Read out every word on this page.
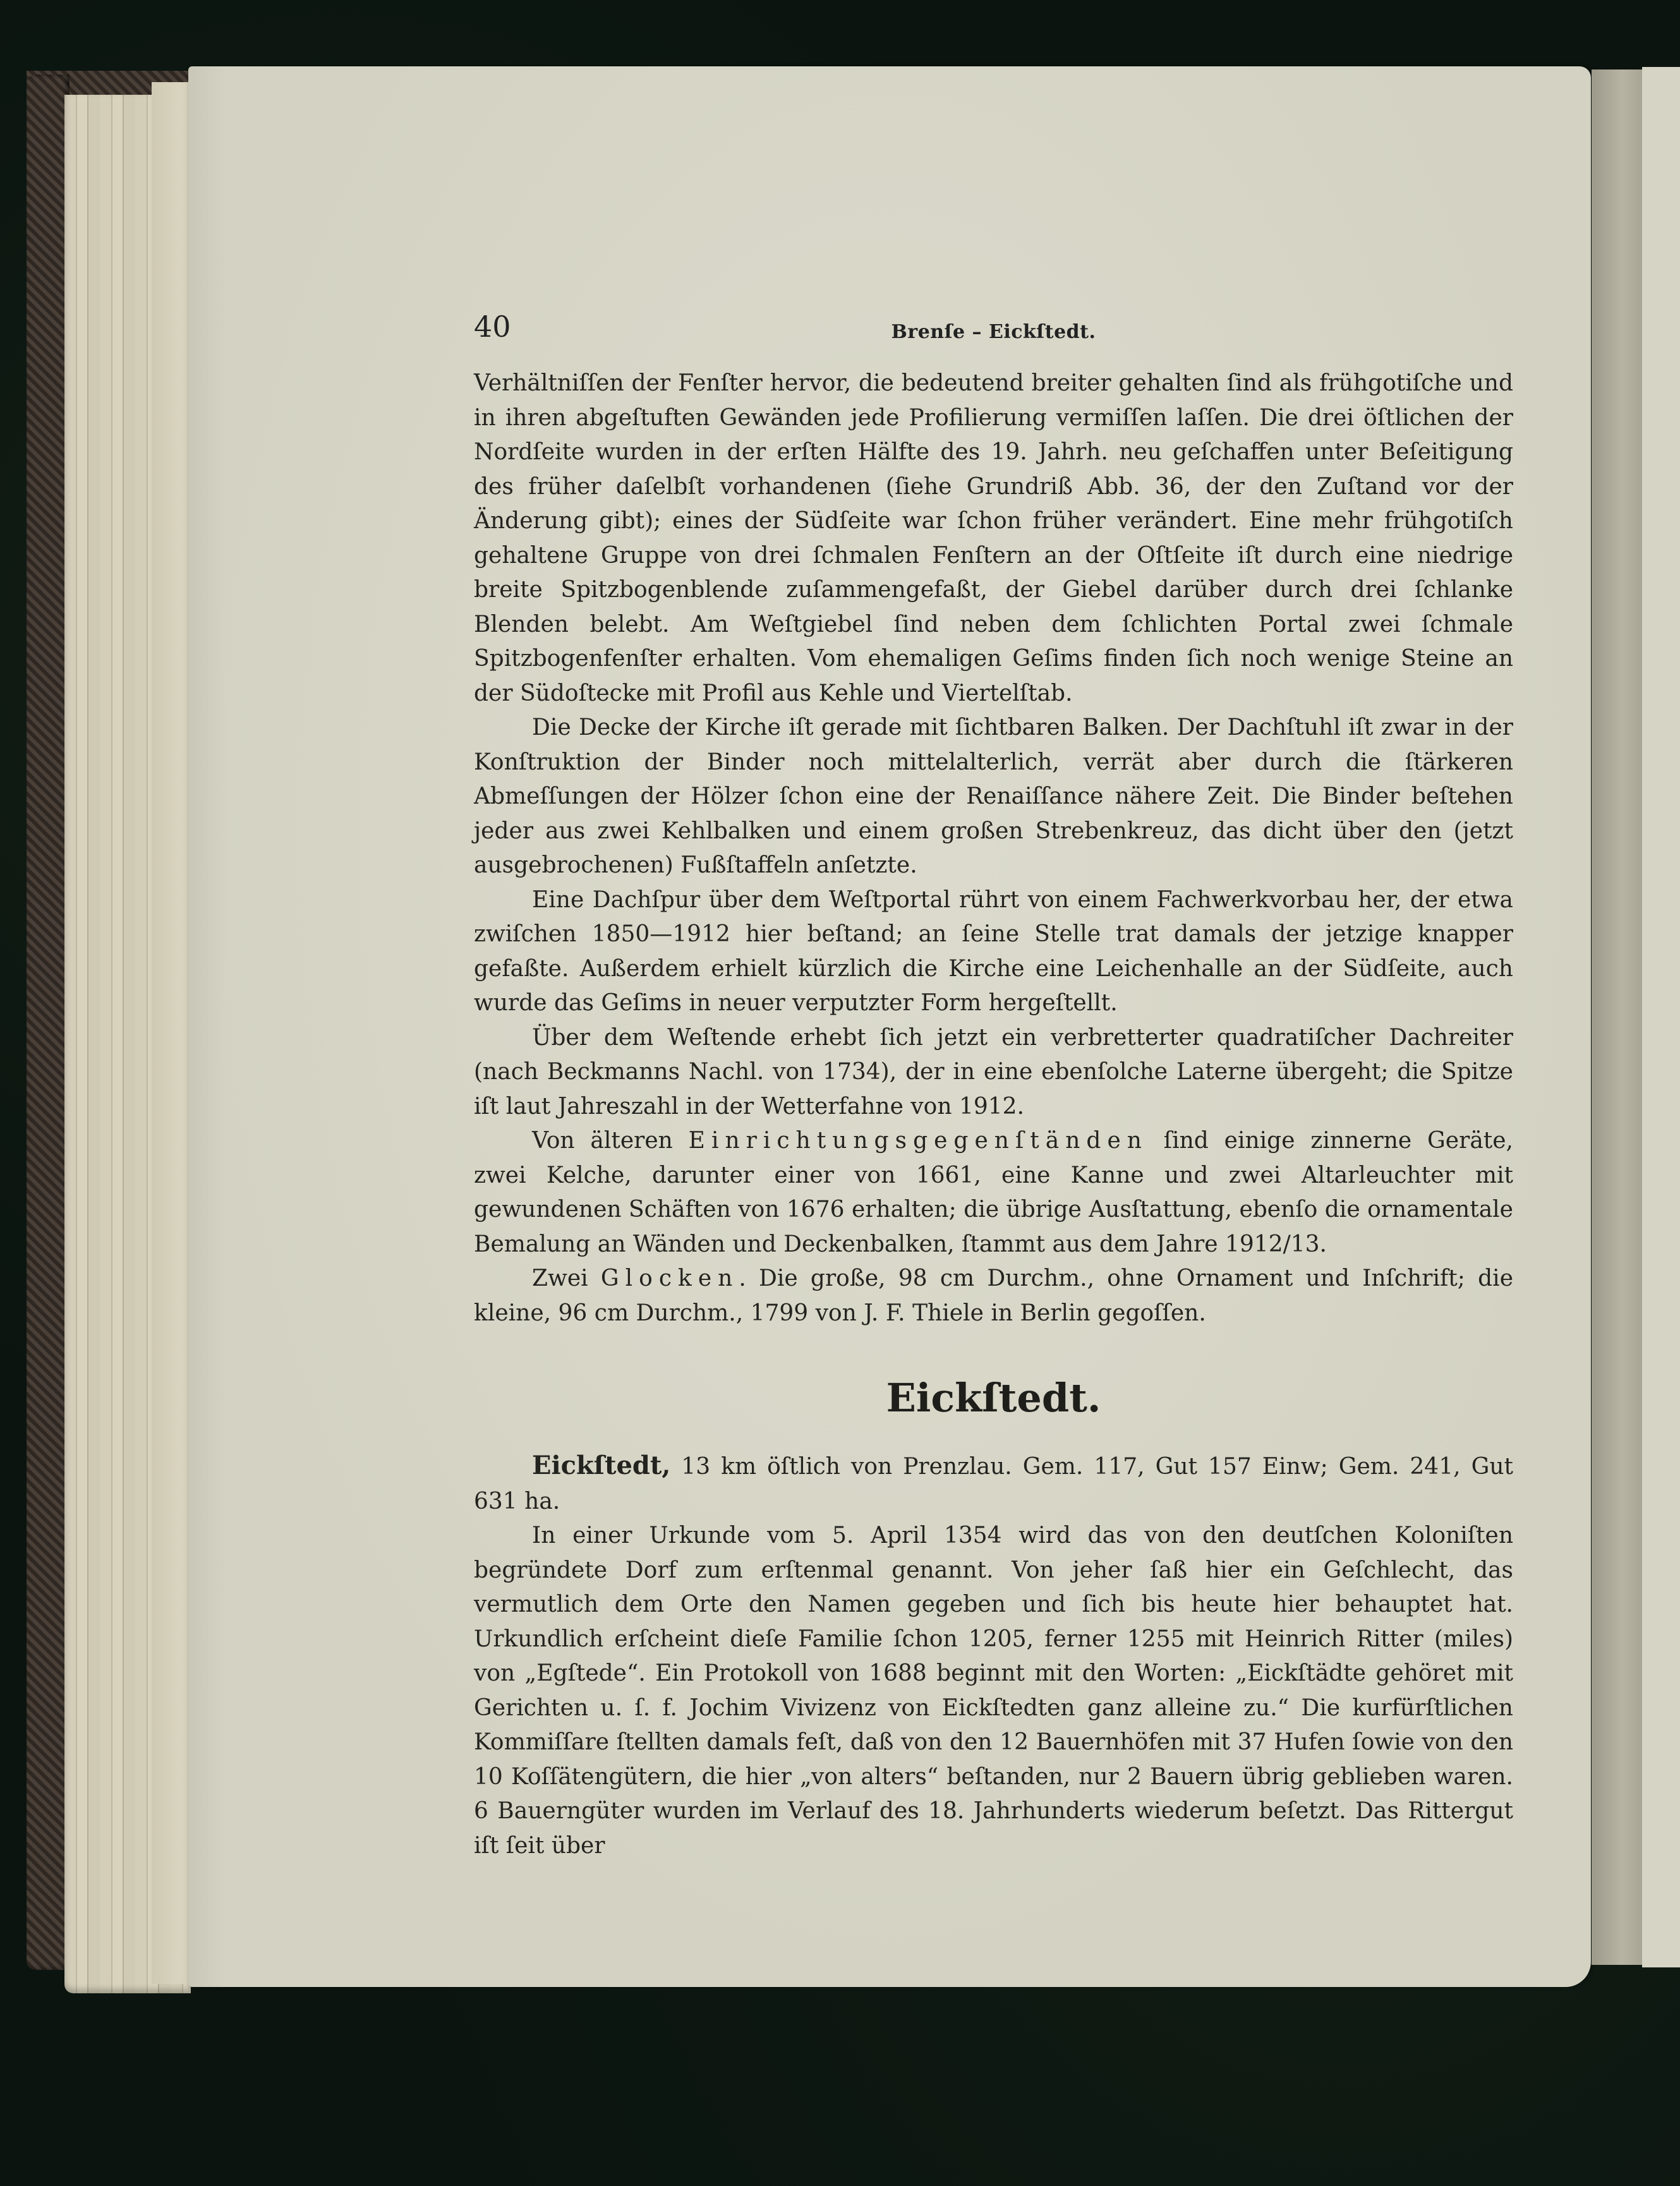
40	Brenſe – Eickſtedt.

Verhältniſſen der Fenſter hervor, die bedeutend breiter gehalten ſind als frühgotiſche und in ihren abgeſtuften Gewänden jede Profilierung vermiſſen laſſen. Die drei öſtlichen der Nordſeite wurden in der erſten Hälfte des 19. Jahrh. neu geſchaffen unter Beſeitigung des früher daſelbſt vorhandenen (ſiehe Grundriß Abb. 36, der den Zuſtand vor der Änderung gibt); eines der Südſeite war ſchon früher verändert. Eine mehr frühgotiſch gehaltene Gruppe von drei ſchmalen Fenſtern an der Oſtſeite iſt durch eine niedrige breite Spitzbogenblende zuſammengefaßt, der Giebel darüber durch drei ſchlanke Blenden belebt. Am Weſtgiebel ſind neben dem ſchlichten Portal zwei ſchmale Spitzbogenfenſter erhalten. Vom ehemaligen Geſims finden ſich noch wenige Steine an der Südoſtecke mit Profil aus Kehle und Viertelſtab.

Die Decke der Kirche iſt gerade mit ſichtbaren Balken. Der Dachſtuhl iſt zwar in der Konſtruktion der Binder noch mittelalterlich, verrät aber durch die ſtärkeren Abmeſſungen der Hölzer ſchon eine der Renaiſſance nähere Zeit. Die Binder beſtehen jeder aus zwei Kehlbalken und einem großen Strebenkreuz, das dicht über den (jetzt ausgebrochenen) Fußſtaffeln anſetzte.

Eine Dachſpur über dem Weſtportal rührt von einem Fachwerkvorbau her, der etwa zwiſchen 1850—1912 hier beſtand; an ſeine Stelle trat damals der jetzige knapper gefaßte. Außerdem erhielt kürzlich die Kirche eine Leichenhalle an der Südſeite, auch wurde das Geſims in neuer verputzter Form hergeſtellt.

Über dem Weſtende erhebt ſich jetzt ein verbretterter quadratiſcher Dachreiter (nach Beckmanns Nachl. von 1734), der in eine ebenſolche Laterne übergeht; die Spitze iſt laut Jahreszahl in der Wetterfahne von 1912.

Von älteren Einrichtungsgegenſtänden ſind einige zinnerne Geräte, zwei Kelche, darunter einer von 1661, eine Kanne und zwei Altarleuchter mit gewundenen Schäften von 1676 erhalten; die übrige Ausſtattung, ebenſo die ornamentale Bemalung an Wänden und Deckenbalken, ſtammt aus dem Jahre 1912/13.

Zwei Glocken. Die große, 98 cm Durchm., ohne Ornament und Inſchrift; die kleine, 96 cm Durchm., 1799 von J. F. Thiele in Berlin gegoſſen.

Eickſtedt.

Eickſtedt, 13 km öſtlich von Prenzlau. Gem. 117, Gut 157 Einw; Gem. 241, Gut 631 ha.

In einer Urkunde vom 5. April 1354 wird das von den deutſchen Koloniſten begründete Dorf zum erſtenmal genannt. Von jeher ſaß hier ein Geſchlecht, das vermutlich dem Orte den Namen gegeben und ſich bis heute hier behauptet hat. Urkundlich erſcheint dieſe Familie ſchon 1205, ferner 1255 mit Heinrich Ritter (miles) von „Egſtede“. Ein Protokoll von 1688 beginnt mit den Worten: „Eickſtädte gehöret mit Gerichten u. ſ. f. Jochim Vivizenz von Eickſtedten ganz alleine zu.“ Die kurfürſtlichen Kommiſſare ſtellten damals feſt, daß von den 12 Bauernhöfen mit 37 Hufen ſowie von den 10 Koſſätengütern, die hier „von alters“ beſtanden, nur 2 Bauern übrig geblieben waren. 6 Bauerngüter wurden im Verlauf des 18. Jahrhunderts wiederum beſetzt. Das Rittergut iſt ſeit über
